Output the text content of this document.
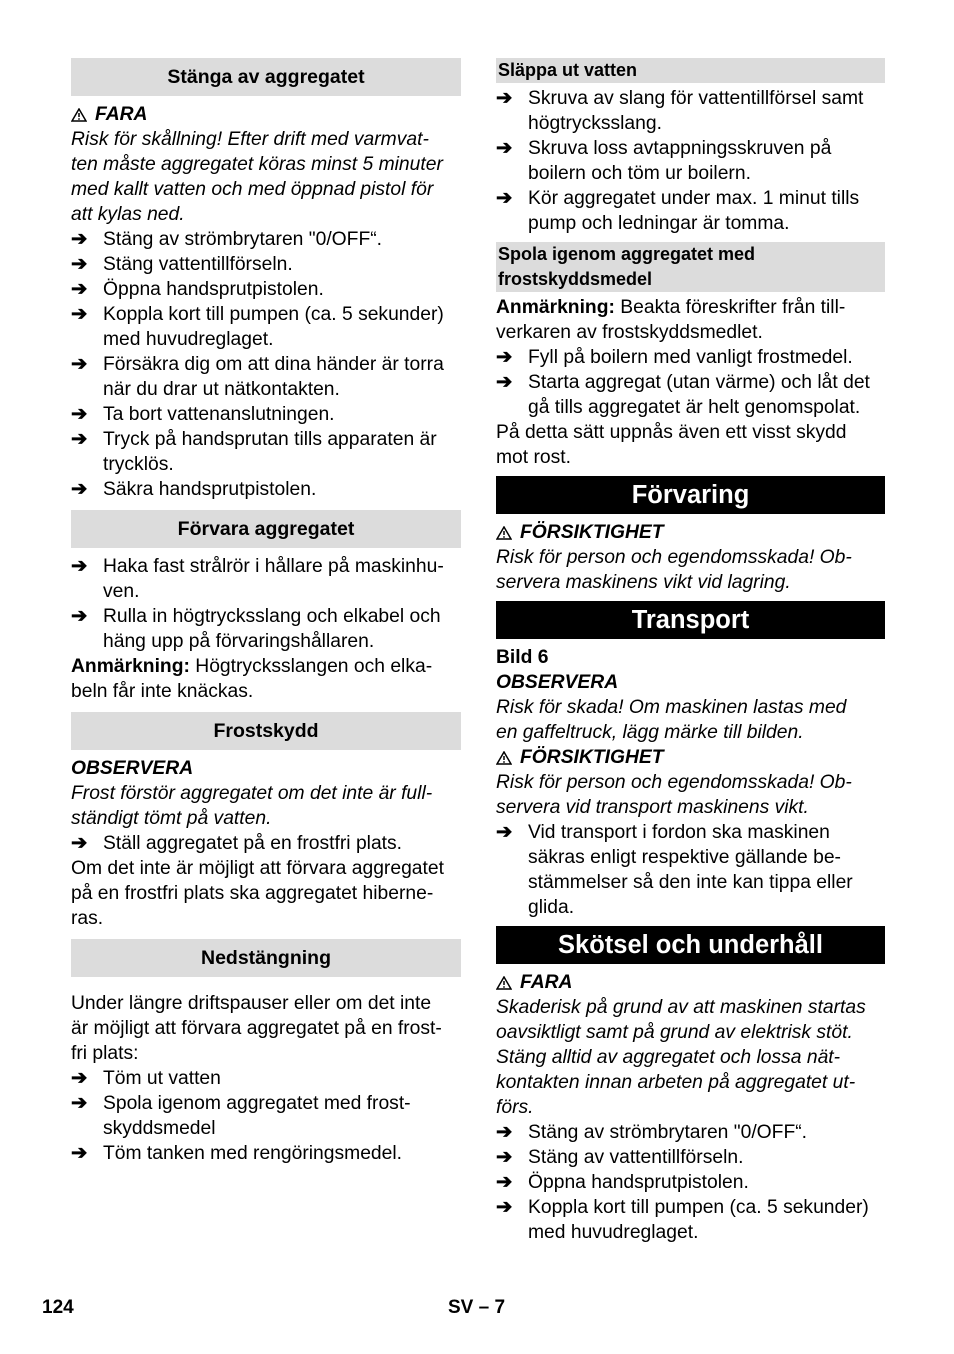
Stänga av aggregatet
FARA

Risk för skållning! Efter drift med varmvat-

ten måste aggregatet köras minst 5 minuter

med kallt vatten och med öppnad pistol för

att kylas ned.

➔ Stäng av strömbrytaren "0/OFF“.

➔ Stäng vattentillförseln.

➔ Öppna handsprutpistolen.

➔ Koppla kort till pumpen (ca. 5 sekunder)

med huvudreglaget.

➔ Försäkra dig om att dina händer är torra

när du drar ut nätkontakten.

➔ Ta bort vattenanslutningen.

➔ Tryck på handsprutan tills apparaten är

trycklös.

➔ Säkra handsprutpistolen.

Förvara aggregatet
➔ Haka fast strålrör i hållare på maskinhu-

ven.

➔ Rulla in högtrycksslang och elkabel och

häng upp på förvaringshållaren.

Anmärkning: Högtrycksslangen och elka-

beln får inte knäckas.

Frostskydd

OBSERVERA

Frost förstör aggregatet om det inte är full-

ständigt tömt på vatten.

➔ Ställ aggregatet på en frostfri plats.

Om det inte är möjligt att förvara aggregatet

på en frostfri plats ska aggregatet hiberne-

ras.

Nedstängning

Under längre driftspauser eller om det inte

är möjligt att förvara aggregatet på en frost-

fri plats:

➔ Töm ut vatten

➔ Spola igenom aggregatet med frost-

skyddsmedel

➔ Töm tanken med rengöringsmedel.

Släppa ut vatten
➔ Skruva av slang för vattentillförsel samt

högtrycksslang.

➔ Skruva loss avtappningsskruven på

boilern och töm ur boilern.

➔ Kör aggregatet under max. 1 minut tills

pump och ledningar är tomma.

Spola igenom aggregatet med
frostskyddsmedel

Anmärkning: Beakta föreskrifter från till-

verkaren av frostskyddsmedlet.

➔ Fyll på boilern med vanligt frostmedel.

➔ Starta aggregat (utan värme) och låt det

gå tills aggregatet är helt genomspolat.

På detta sätt uppnås även ett visst skydd

mot rost.

Förvaring
FÖRSIKTIGHET

Risk för person och egendomsskada! Ob-

servera maskinens vikt vid lagring.

Transport

Bild 6

OBSERVERA

Risk för skada! Om maskinen lastas med

en gaffeltruck, lägg märke till bilden.

FÖRSIKTIGHET

Risk för person och egendomsskada! Ob-

servera vid transport maskinens vikt.

➔ Vid transport i fordon ska maskinen

säkras enligt respektive gällande be-

stämmelser så den inte kan tippa eller

glida.

Skötsel och underhåll
FARA

Skaderisk på grund av att maskinen startas

oavsiktligt samt på grund av elektrisk stöt.

Stäng alltid av aggregatet och lossa nät-

kontakten innan arbeten på aggregatet ut-

förs.

➔ Stäng av strömbrytaren "0/OFF“.

➔ Stäng av vattentillförseln.

➔ Öppna handsprutpistolen.

➔ Koppla kort till pumpen (ca. 5 sekunder)

med huvudreglaget.

124	SV – 7
